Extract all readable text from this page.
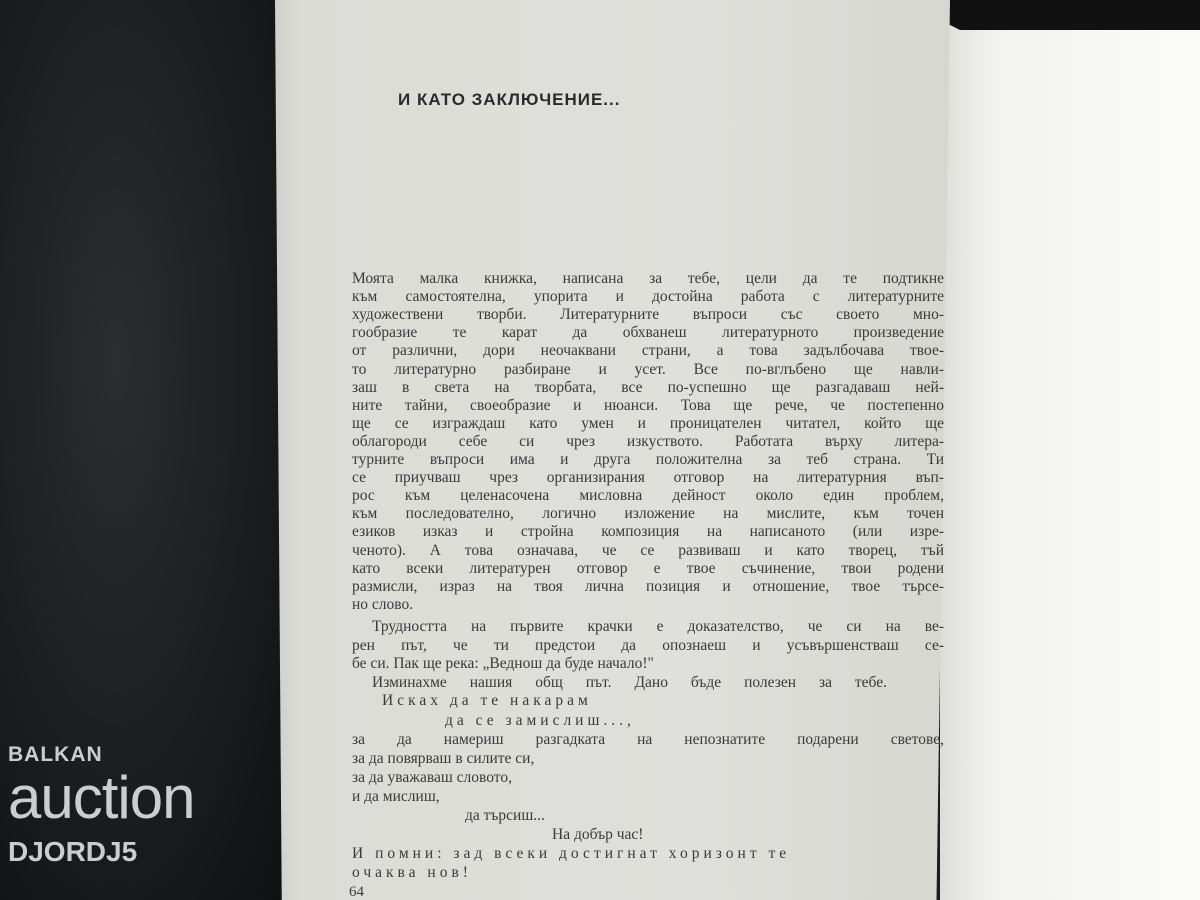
И КАТО ЗАКЛЮЧЕНИЕ...
Моята малка книжка, написана за тебе, цели да те подтикне
към самостоятелна, упорита и достойна работа с литературните
художествени творби. Литературните въпроси със своето мно-
гообразие те карат да обхванеш литературното произведение
от различни, дори неочаквани страни, а това задълбочава твое-
то литературно разбиране и усет. Все по-вглъбено ще навли-
заш в света на творбата, все по-успешно ще разгадаваш ней-
ните тайни, своеобразие и нюанси. Това ще рече, че постепенно
ще се изграждаш като умен и проницателен читател, който ще
облагороди себе си чрез изкуството. Работата върху литера-
турните въпроси има и друга положителна за теб страна. Ти
се приучваш чрез организирания отговор на литературния въп-
рос към целенасочена мисловна дейност около един проблем,
към последователно, логично изложение на мислите, към точен
езиков изказ и стройна композиция на написаното (или изре-
ченото). А това означава, че се развиваш и като творец, тъй
като всеки литературен отговор е твое съчинение, твои родени
размисли, израз на твоя лична позиция и отношение, твое търсе-
но слово.
Трудността на първите крачки е доказателство, че си на ве-
рен път, че ти предстои да опознаеш и усъвършенстваш се-
бе си. Пак ще река: „Веднош да буде начало!"
Изминахме нашия общ път. Дано бъде полезен за тебе.
Исках да те накарам
да се замислиш...,
за да намериш разгадката на непознатите подарени светове,
за да повярваш в силите си,
за да уважаваш словото,
и да мислиш,
да търсиш...
На добър час!
И помни: зад всеки достигнат хоризонт те
очаква нов!
64
BALKAN
auction
DJORDJ5
